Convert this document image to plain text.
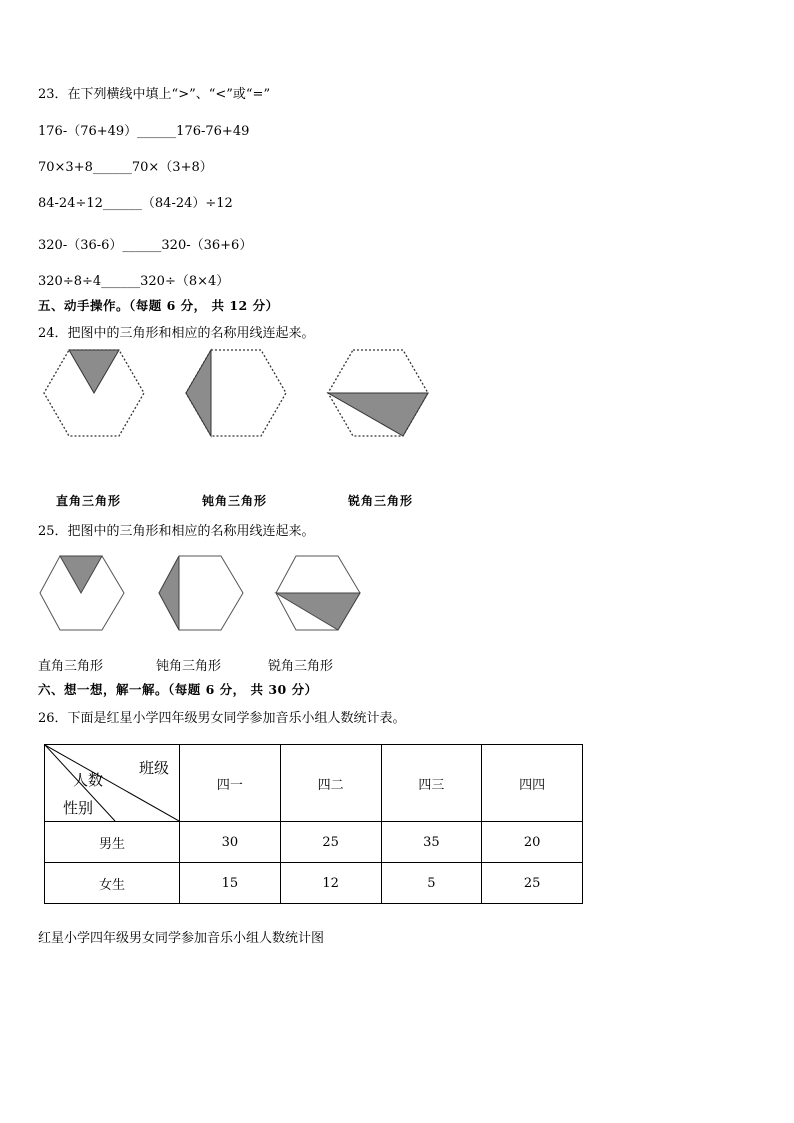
23．在下列横线中填上“>”、“<”或“=”
176-（76+49）______176-76+49
70×3+8______70×（3+8）
84-24÷12______（84-24）÷12
320-（36-6）______320-（36+6）
320÷8÷4______320÷（8×4）
五、动手操作。（每题 6 分， 共 12 分）
24．把图中的三角形和相应的名称用线连起来。
直角三角形	钝角三角形	锐角三角形
25．把图中的三角形和相应的名称用线连起来。
直角三角形	钝角三角形	锐角三角形
六、想一想，解一解。（每题 6 分， 共 30 分）
26．下面是红星小学四年级男女同学参加音乐小组人数统计表。
班级
人数
性别	四一	四二	四三	四四
男生	30	25	35	20
女生	15	12	5	25
红星小学四年级男女同学参加音乐小组人数统计图
